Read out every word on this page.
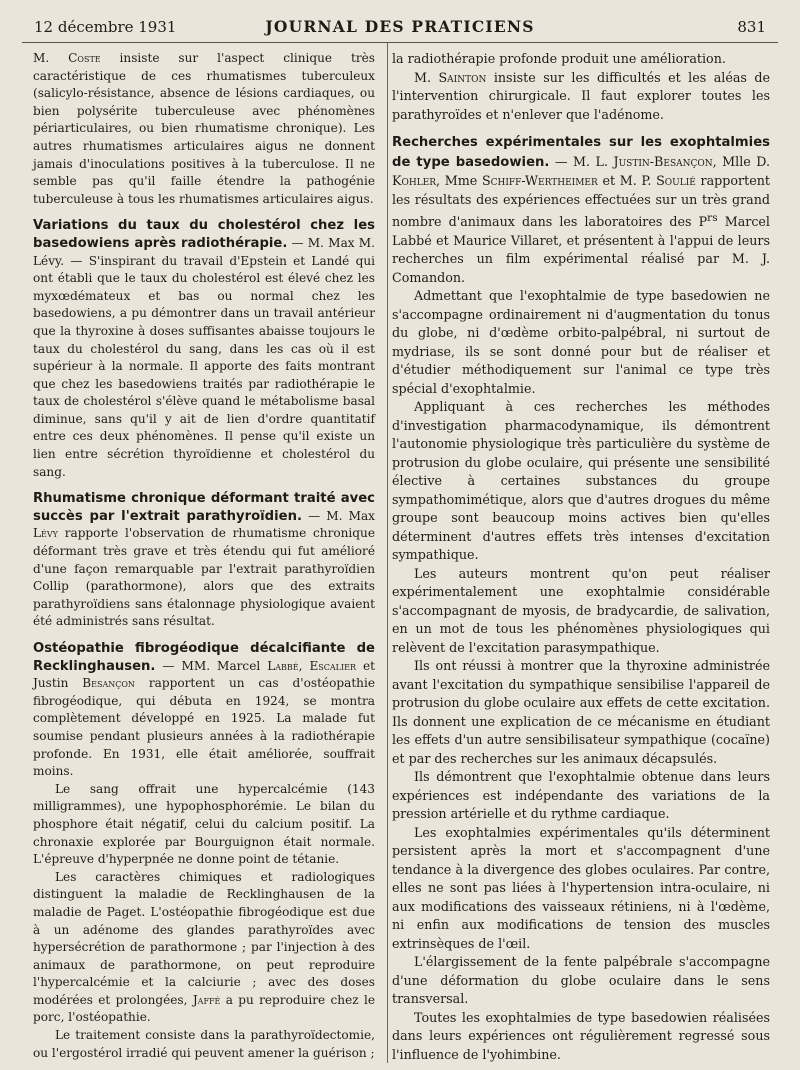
12 décembre 1931	JOURNAL DES PRATICIENS	831

M. Coste insiste sur l'aspect clinique très caractéristique de ces rhumatismes tuberculeux (salicylo-résistance, absence de lésions cardiaques, ou bien polysérite tuberculeuse avec phénomènes périarticulaires, ou bien rhumatisme chronique). Les autres rhumatismes articulaires aigus ne donnent jamais d'inoculations positives à la tuberculose. Il ne semble pas qu'il faille étendre la pathogénie tuberculeuse à tous les rhumatismes articulaires aigus.

Variations du taux du cholestérol chez les basedowiens après radiothérapie. — M. Max M. Lévy. — S'inspirant du travail d'Epstein et Landé qui ont établi que le taux du cholestérol est élevé chez les myxœdémateux et bas ou normal chez les basedowiens, a pu démontrer dans un travail antérieur que la thyroxine à doses suffisantes abaisse toujours le taux du cholestérol du sang, dans les cas où il est supérieur à la normale. Il apporte des faits montrant que chez les basedowiens traités par radiothérapie le taux de cholestérol s'élève quand le métabolisme basal diminue, sans qu'il y ait de lien d'ordre quantitatif entre ces deux phénomènes. Il pense qu'il existe un lien entre sécrétion thyroïdienne et cholestérol du sang.

Rhumatisme chronique déformant traité avec succès par l'extrait parathyroïdien. — M. Max Lévy rapporte l'observation de rhumatisme chronique déformant très grave et très étendu qui fut amélioré d'une façon remarquable par l'extrait parathyroïdien Collip (parathormone), alors que des extraits parathyroïdiens sans étalonnage physiologique avaient été administrés sans résultat.

Ostéopathie fibrogéodique décalcifiante de Recklinghausen. — MM. Marcel Labbé, Escalier et Justin Besançon rapportent un cas d'ostéopathie fibrogéodique, qui débuta en 1924, se montra complètement développé en 1925. La malade fut soumise pendant plusieurs années à la radiothérapie profonde. En 1931, elle était améliorée, souffrait moins.

Le sang offrait une hypercalcémie (143 milligrammes), une hypophosphorémie. Le bilan du phosphore était négatif, celui du calcium positif. La chronaxie explorée par Bourguignon était normale. L'épreuve d'hyperpnée ne donne point de tétanie.

Les caractères chimiques et radiologiques distinguent la maladie de Recklinghausen de la maladie de Paget. L'ostéopathie fibrogéodique est due à un adénome des glandes parathyroïdes avec hypersécrétion de parathormone ; par l'injection à des animaux de parathormone, on peut reproduire l'hypercalcémie et la calciurie ; avec des doses modérées et prolongées, Jaffé a pu reproduire chez le porc, l'ostéopathie.

Le traitement consiste dans la parathyroïdectomie, ou l'ergostérol irradié qui peuvent amener la guérison ;

la radiothérapie profonde produit une amélioration.

M. Sainton insiste sur les difficultés et les aléas de l'intervention chirurgicale. Il faut explorer toutes les parathyroïdes et n'enlever que l'adénome.

Recherches expérimentales sur les exophtalmies de type basedowien. — M. L. Justin-Besançon, Mlle D. Kohler, Mme Schiff-Wertheimer et M. P. Soulié rapportent les résultats des expériences effectuées sur un très grand nombre d'animaux dans les laboratoires des $P^{rs}$ Marcel Labbé et Maurice Villaret, et présentent à l'appui de leurs recherches un film expérimental réalisé par M. J. Comandon.

Admettant que l'exophtalmie de type basedowien ne s'accompagne ordinairement ni d'augmentation du tonus du globe, ni d'œdème orbito-palpébral, ni surtout de mydriase, ils se sont donné pour but de réaliser et d'étudier méthodiquement sur l'animal ce type très spécial d'exophtalmie.

Appliquant à ces recherches les méthodes d'investigation pharmacodynamique, ils démontrent l'autonomie physiologique très particulière du système de protrusion du globe oculaire, qui présente une sensibilité élective à certaines substances du groupe sympathomimétique, alors que d'autres drogues du même groupe sont beaucoup moins actives bien qu'elles déterminent d'autres effets très intenses d'excitation sympathique.

Les auteurs montrent qu'on peut réaliser expérimentalement une exophtalmie considérable s'accompagnant de myosis, de bradycardie, de salivation, en un mot de tous les phénomènes physiologiques qui relèvent de l'excitation parasympathique.

Ils ont réussi à montrer que la thyroxine administrée avant l'excitation du sympathique sensibilise l'appareil de protrusion du globe oculaire aux effets de cette excitation. Ils donnent une explication de ce mécanisme en étudiant les effets d'un autre sensibilisateur sympathique (cocaïne) et par des recherches sur les animaux décapsulés.

Ils démontrent que l'exophtalmie obtenue dans leurs expériences est indépendante des variations de la pression artérielle et du rythme cardiaque.

Les exophtalmies expérimentales qu'ils déterminent persistent après la mort et s'accompagnent d'une tendance à la divergence des globes oculaires. Par contre, elles ne sont pas liées à l'hypertension intra-oculaire, ni aux modifications des vaisseaux rétiniens, ni à l'œdème, ni enfin aux modifications de tension des muscles extrinsèques de l'œil.

L'élargissement de la fente palpébrale s'accompagne d'une déformation du globe oculaire dans le sens transversal.

Toutes les exophtalmies de type basedowien réalisées dans leurs expériences ont régulièrement regressé sous l'influence de l'yohimbine.
